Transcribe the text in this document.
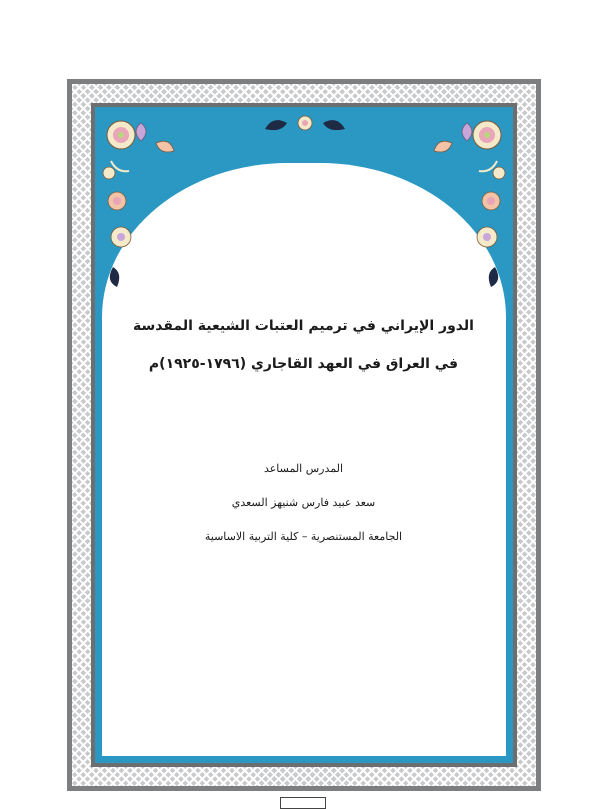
الدور الإيراني في ترميم العتبات الشيعية المقدسة
في العراق في العهد القاجاري (١٧٩٦-١٩٢٥)م
المدرس المساعد
سعد عبيد فارس شنيهز السعدي
الجامعة المستنصرية – كلية التربية الاساسية
